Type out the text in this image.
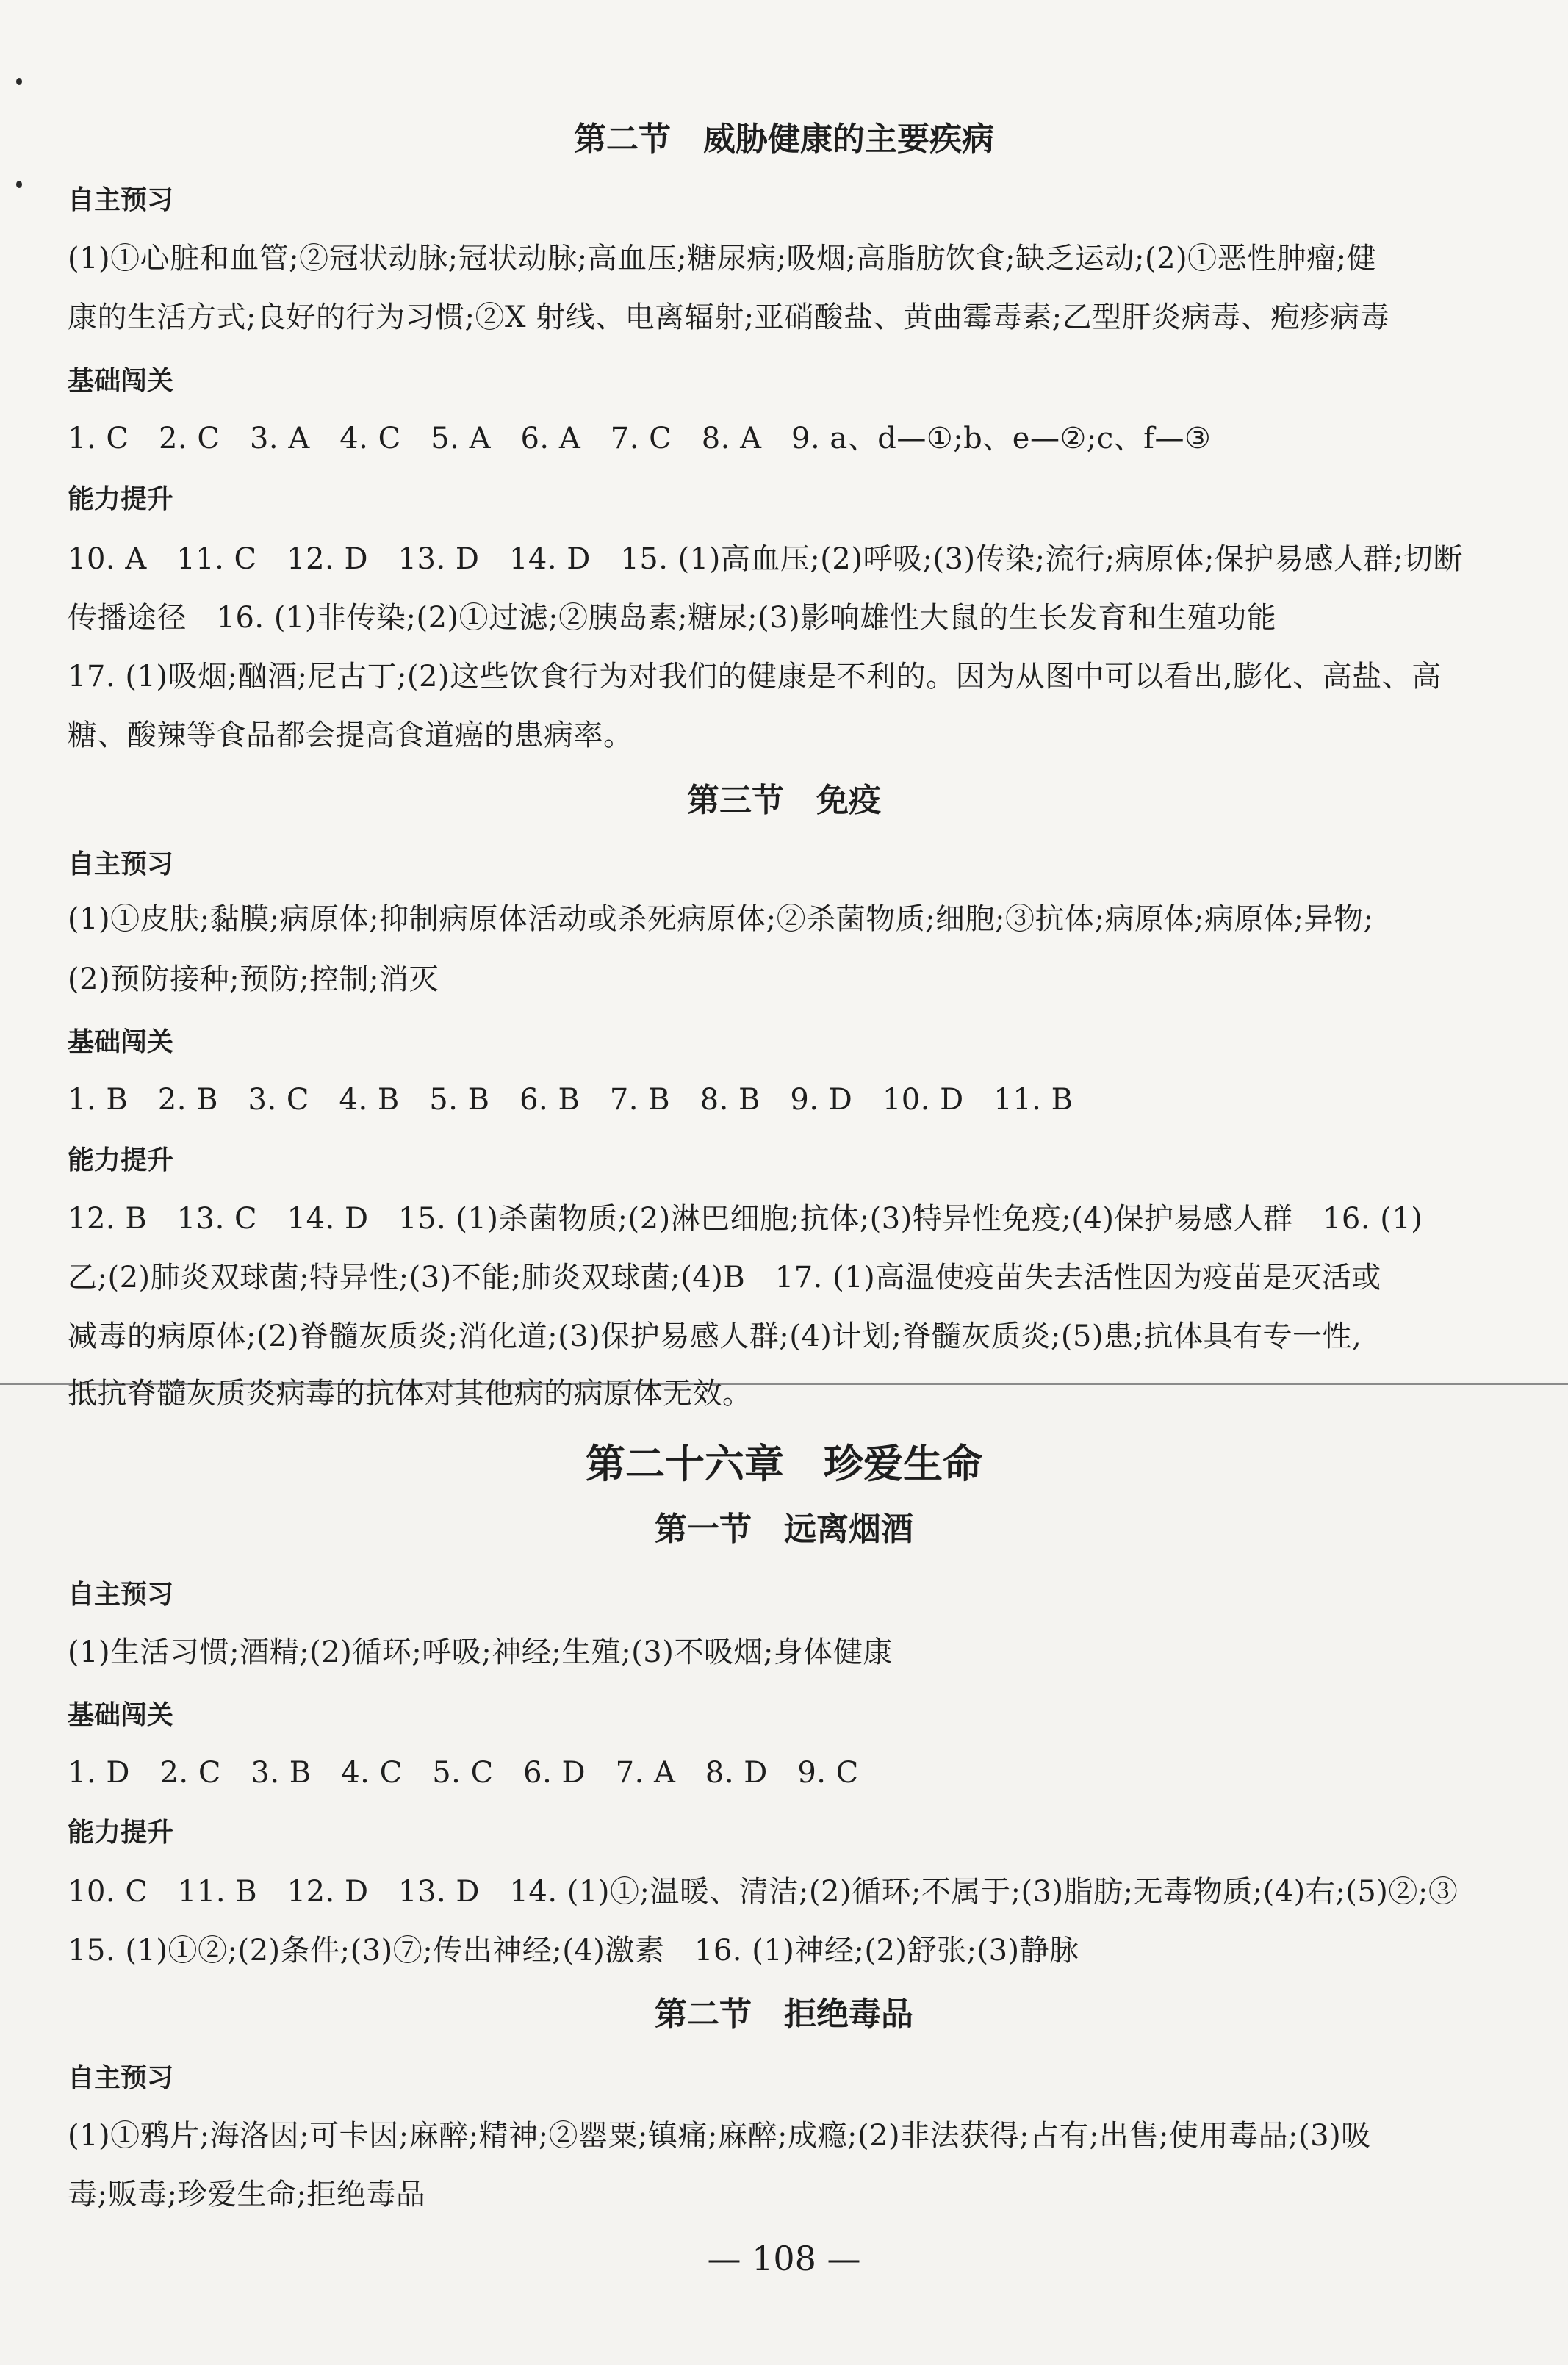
第二节　威胁健康的主要疾病
自主预习
(1)①心脏和血管;②冠状动脉;冠状动脉;高血压;糖尿病;吸烟;高脂肪饮食;缺乏运动;(2)①恶性肿瘤;健
康的生活方式;良好的行为习惯;②X 射线、电离辐射;亚硝酸盐、黄曲霉毒素;乙型肝炎病毒、疱疹病毒
基础闯关
1. C　2. C　3. A　4. C　5. A　6. A　7. C　8. A　9. a、d—①;b、e—②;c、f—③
能力提升
10. A　11. C　12. D　13. D　14. D　15. (1)高血压;(2)呼吸;(3)传染;流行;病原体;保护易感人群;切断
传播途径　16. (1)非传染;(2)①过滤;②胰岛素;糖尿;(3)影响雄性大鼠的生长发育和生殖功能
17. (1)吸烟;酗酒;尼古丁;(2)这些饮食行为对我们的健康是不利的。因为从图中可以看出,膨化、高盐、高
糖、酸辣等食品都会提高食道癌的患病率。
第三节　免疫
自主预习
(1)①皮肤;黏膜;病原体;抑制病原体活动或杀死病原体;②杀菌物质;细胞;③抗体;病原体;病原体;异物;
(2)预防接种;预防;控制;消灭
基础闯关
1. B　2. B　3. C　4. B　5. B　6. B　7. B　8. B　9. D　10. D　11. B
能力提升
12. B　13. C　14. D　15. (1)杀菌物质;(2)淋巴细胞;抗体;(3)特异性免疫;(4)保护易感人群　16. (1)
乙;(2)肺炎双球菌;特异性;(3)不能;肺炎双球菌;(4)B　17. (1)高温使疫苗失去活性因为疫苗是灭活或
减毒的病原体;(2)脊髓灰质炎;消化道;(3)保护易感人群;(4)计划;脊髓灰质炎;(5)患;抗体具有专一性,
抵抗脊髓灰质炎病毒的抗体对其他病的病原体无效。
第二十六章　珍爱生命
第一节　远离烟酒
自主预习
(1)生活习惯;酒精;(2)循环;呼吸;神经;生殖;(3)不吸烟;身体健康
基础闯关
1. D　2. C　3. B　4. C　5. C　6. D　7. A　8. D　9. C
能力提升
10. C　11. B　12. D　13. D　14. (1)①;温暖、清洁;(2)循环;不属于;(3)脂肪;无毒物质;(4)右;(5)②;③
15. (1)①②;(2)条件;(3)⑦;传出神经;(4)激素　16. (1)神经;(2)舒张;(3)静脉
第二节　拒绝毒品
自主预习
(1)①鸦片;海洛因;可卡因;麻醉;精神;②罂粟;镇痛;麻醉;成瘾;(2)非法获得;占有;出售;使用毒品;(3)吸
毒;贩毒;珍爱生命;拒绝毒品
— 108 —
